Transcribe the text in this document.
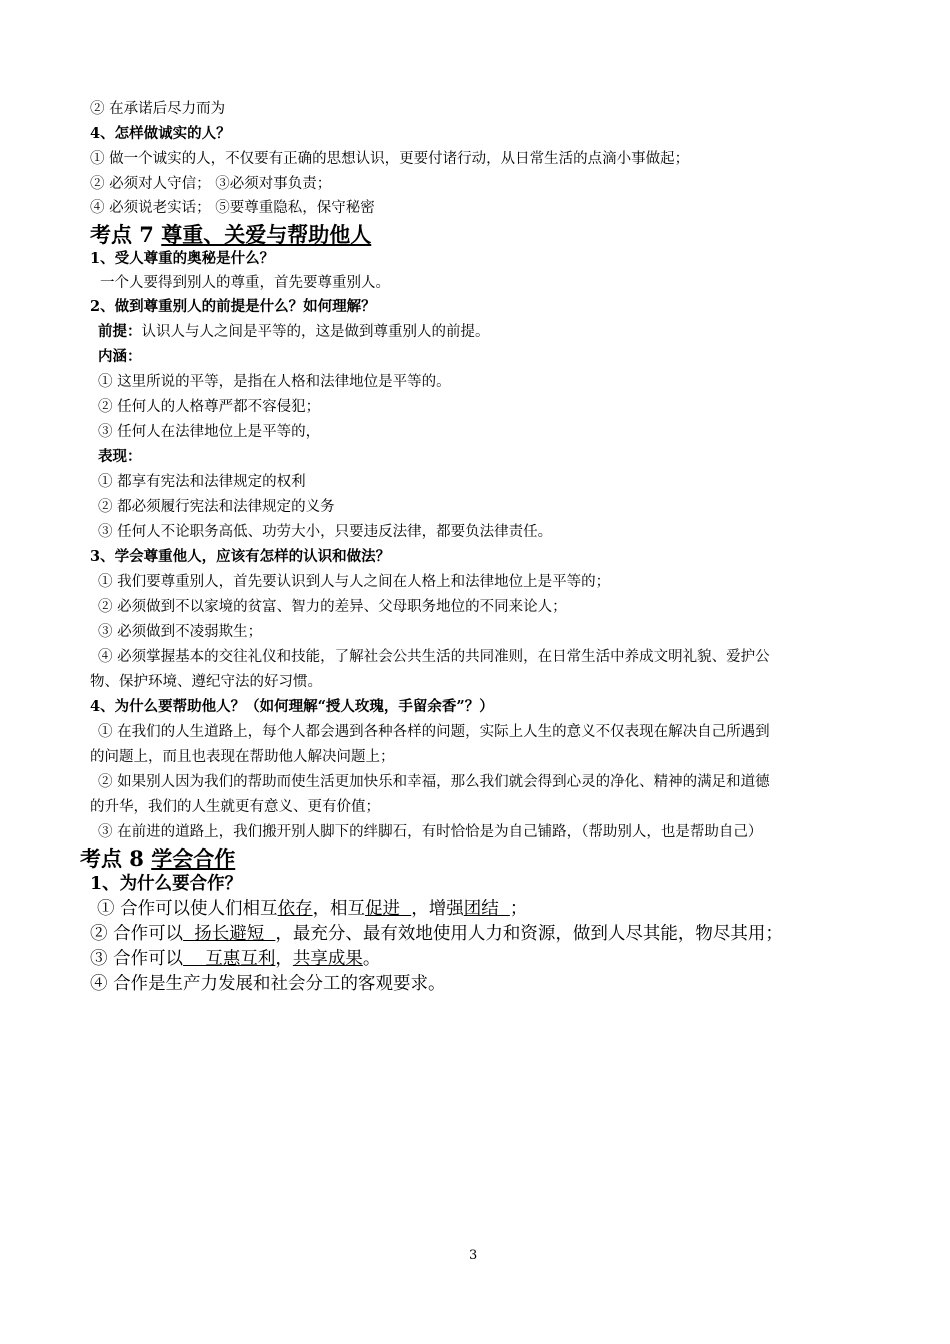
② 在承诺后尽力而为
4、怎样做诚实的人？
① 做一个诚实的人，不仅要有正确的思想认识，更要付诸行动，从日常生活的点滴小事做起；
② 必须对人守信； ③必须对事负责；
④ 必须说老实话； ⑤要尊重隐私，保守秘密
考点 7 尊重、关爱与帮助他人
1、受人尊重的奥秘是什么？
一个人要得到别人的尊重，首先要尊重别人。
2、做到尊重别人的前提是什么？如何理解？
前提：认识人与人之间是平等的，这是做到尊重别人的前提。
内涵：
① 这里所说的平等，是指在人格和法律地位是平等的。
② 任何人的人格尊严都不容侵犯；
③ 任何人在法律地位上是平等的，
表现：
① 都享有宪法和法律规定的权利
② 都必须履行宪法和法律规定的义务
③ 任何人不论职务高低、功劳大小，只要违反法律，都要负法律责任。
3、学会尊重他人，应该有怎样的认识和做法？
① 我们要尊重别人，首先要认识到人与人之间在人格上和法律地位上是平等的；
② 必须做到不以家境的贫富、智力的差异、父母职务地位的不同来论人；
③ 必须做到不凌弱欺生；
④ 必须掌握基本的交往礼仪和技能，了解社会公共生活的共同准则，在日常生活中养成文明礼貌、爱护公
物、保护环境、遵纪守法的好习惯。
4、为什么要帮助他人？（如何理解“授人玫瑰，手留余香”？）
① 在我们的人生道路上，每个人都会遇到各种各样的问题，实际上人生的意义不仅表现在解决自己所遇到
的问题上，而且也表现在帮助他人解决问题上；
② 如果别人因为我们的帮助而使生活更加快乐和幸福，那么我们就会得到心灵的净化、精神的满足和道德
的升华，我们的人生就更有意义、更有价值；
③ 在前进的道路上，我们搬开别人脚下的绊脚石，有时恰恰是为自己铺路，（帮助别人，也是帮助自己）
考点 8 学会合作
1、为什么要合作？
① 合作可以使人们相互依存，相互促进  ，增强团结  ；
② 合作可以  扬长避短  ，最充分、最有效地使用人力和资源，做到人尽其能，物尽其用；
③ 合作可以    互惠互利，共享成果。
④ 合作是生产力发展和社会分工的客观要求。
3
